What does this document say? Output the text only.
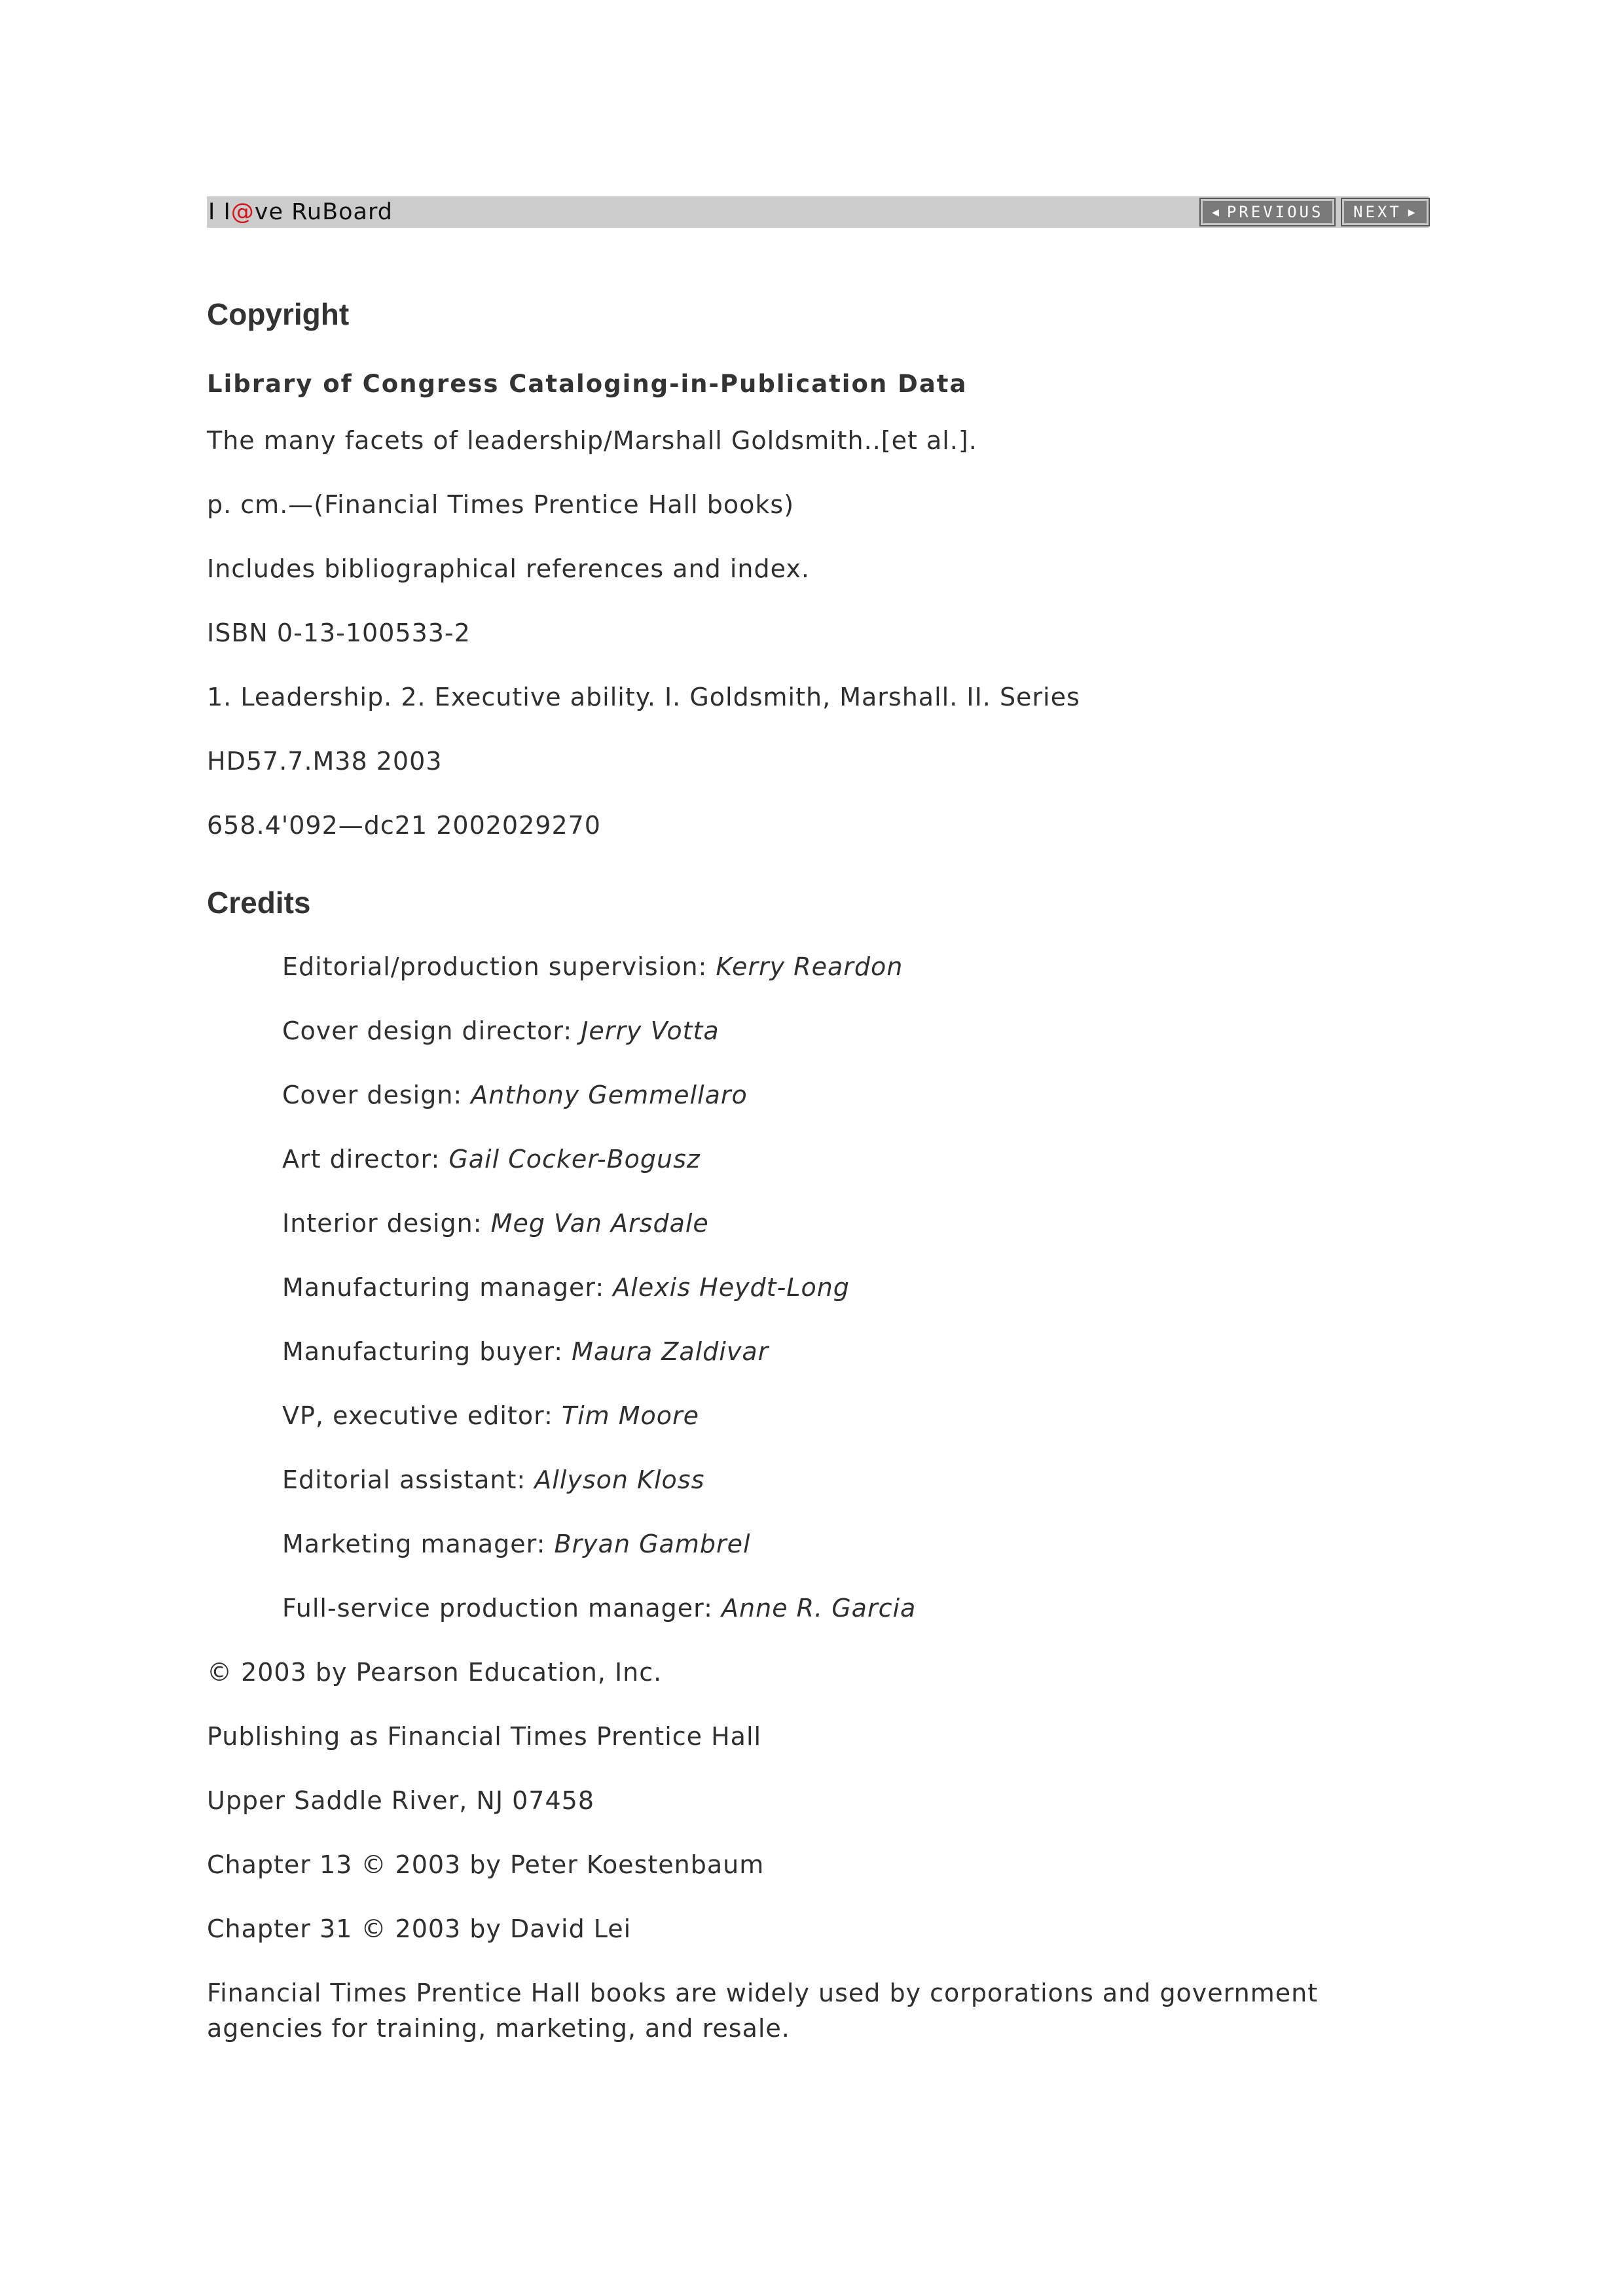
I I@ve RuBoard	◀ PREVIOUS NEXT ▶
Copyright
Library of Congress Cataloging-in-Publication Data

The many facets of leadership/Marshall Goldsmith..[et al.].

p. cm.—(Financial Times Prentice Hall books)

Includes bibliographical references and index.

ISBN 0-13-100533-2

1. Leadership. 2. Executive ability. I. Goldsmith, Marshall. II. Series

HD57.7.M38 2003

658.4'092—dc21 2002029270

Credits

Editorial/production supervision: Kerry Reardon

Cover design director: Jerry Votta

Cover design: Anthony Gemmellaro

Art director: Gail Cocker-Bogusz

Interior design: Meg Van Arsdale

Manufacturing manager: Alexis Heydt-Long

Manufacturing buyer: Maura Zaldivar

VP, executive editor: Tim Moore

Editorial assistant: Allyson Kloss

Marketing manager: Bryan Gambrel

Full-service production manager: Anne R. Garcia

© 2003 by Pearson Education, Inc.

Publishing as Financial Times Prentice Hall

Upper Saddle River, NJ 07458

Chapter 13 © 2003 by Peter Koestenbaum

Chapter 31 © 2003 by David Lei

Financial Times Prentice Hall books are widely used by corporations and government agencies for training, marketing, and resale.
